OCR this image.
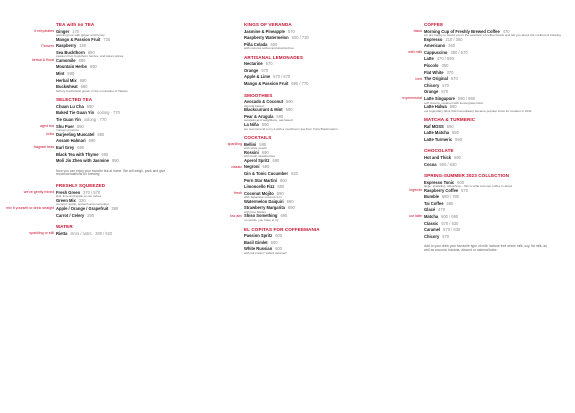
TEA with no TEA
it rehydrates Ginger 170
warming hue with ginger and honey
Mango & Passion Fruit 730
Flowers Raspberry 190
Sea Buckthorn 690
passion fruit, buckthorn berries, and Asian spices
herbal & floral Camomile 690
Mountain Herbs 690
Mint 590
Herbal Mix 690
Buckwheat 690
factory buckwheat grown in the mountains of Taiwan
SELECTED TEA
Chuan Lu Cha 690
Baked Tie Guan Yin oolong · 770
Tie Guan Yin oolong · 770
aged tea Shu Puer 890
Yunnan province
India Darjeeling Muscatel 690
Assam Halmari 690
fragrant teas Earl Grey 690
Black Tea with Thyme 690
Moli Jin Zhen with Jasmine 890
Now you can enjoy your favorite tea at home. We will weigh, pack and give recommendations for brewing
FRESHLY SQUEEZED
we've gently mixed Fresh Green 370 / 570
kiwi, lime and apple on ice cubes
Green Mix 320
coconut, apple, spinach and cucumber
mix it yourself or drink straight Apple / Orange / Grapefruit 390
Carrot / Celery 290
WATER
sparkling or still Rietta stnrs / nstrs · 390 / 620
KINGS OF VERANDA
Jasmine & Pineapple 570
Raspberry Watermelon 600 / 730
Piña Colada 600
with coconut sorbet and alcohol-free
ARTISANAL LEMONADES
Nectarine 570
Orange 570
Apple & Lime 570 / 670
Mango & Passion Fruit 690 / 770
SMOOTHIES
Avocado & Coconut 590
almond based
Blackcurrant & Mint 590
Pear & Arugula 590
avocado and weightless, oat-based
La Niña 690
we recommend to try it with a mushroom tea from Yuria Bowlmodern
COCKTAILS
sparkling Bellini 590
with white peach
Rossini 690
with fresh strawberries
Aperol Spritz 690
classic Negroni 690
Gin & Tonic Cucumber 520
Porn Star Martini 800
Limoncello Fizz 690
fresh Coconut Mojito 590
with Japanese coconut rum
Watermelon Daiquiri 690
Strawberry Margarita 690
with lime blades
low abv Shiso Something 690
no words, you have to try
EL COPITAS FOR COFFEEMANIA
Passion Spritz 600
Basil Gimlet 600
White Russian 600
with ink cream "salted caramel"
COFFEE
black Morning Cup of Freshly Brewed Coffee 470
we are happy to assist you in the selection of coffee beans and tell you about the method of brewing
Espresso 210 / 380
Americano 360
with milk Cappuccino 380 / 570
Latte 470 / 590
Piccolo 350
Flat White 370
iced The Original 570
Chicory 570
Orange 570
expermental Latte Singapore 590 / 990
soft creamy, caramel with lemongrass twist
Latte Halwa 590
our legendary drink that immediately became popular since its creation in 2011
MATCHA & TURMERIC
Raf MOSS 590
Latte Matcha 590
Latte Turmeric 590
CHOCOLATE
Hot and Thick 590
Cocoa 500 / 630
SPRING-SUMMER 2023 COLLECTION
Espresso Tonic 600
large, sparkling, refreshing – this is what summer coffee is about
legends Raspberry Coffee 570
Bumble 580 / 780
Tai Coffee 590
Glacé 470
our latte Matcha 600 / 690
Classic 570 / 630
Caramel 570 / 630
Chicory 570
Add to your drink your favourite type of milk: lactose free whole milk, soy, fat milk, as well as coconut, banana, almond or oatmeal bake.
